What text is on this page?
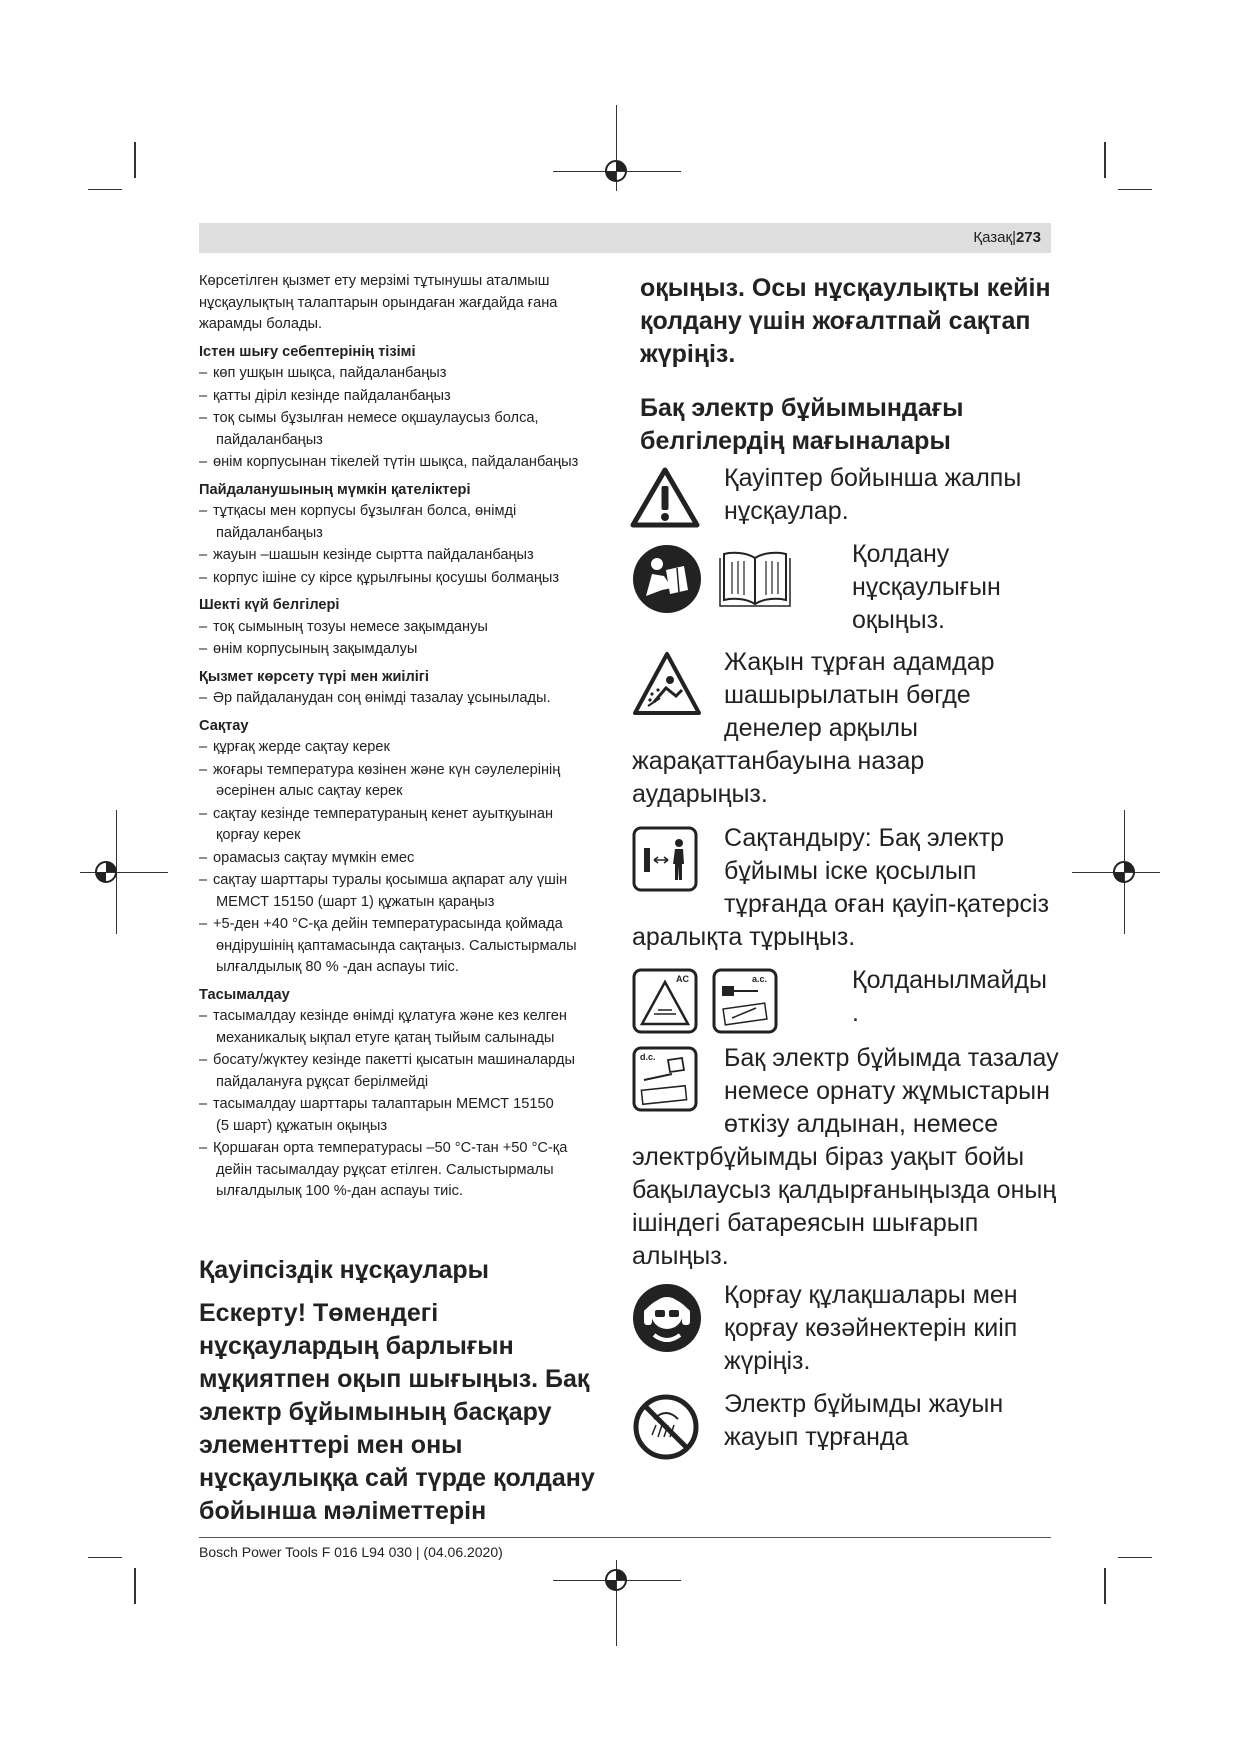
Қазақ|273

Көрсетілген қызмет ету мерзімі тұтынушы аталмыш нұсқаулықтың талаптарын орындаған жағдайда ғана жарамды болады.

Істен шығу себептерінің тізімі
– көп ушқын шықса, пайдаланбаңыз
– қатты діріл кезінде пайдаланбаңыз
– тоқ сымы бұзылған немесе оқшаулаусыз болса,
пайдаланбаңыз
– өнім корпусынан тікелей түтін шықса, пайдаланбаңыз
Пайдаланушының мүмкін қателіктері
– тұтқасы мен корпусы бұзылған болса, өнімді
пайдаланбаңыз
– жауын –шашын кезінде сыртта пайдаланбаңыз
– корпус ішіне су кірсе құрылғыны қосушы болмаңыз
Шекті күй белгілері
– тоқ сымының тозуы немесе зақымдануы
– өнім корпусының зақымдалуы
Қызмет көрсету түрі мен жиілігі
– Әр пайдаланудан соң өнімді тазалау ұсынылады.
Сақтау
– құрғақ жерде сақтау керек
– жоғары температура көзінен және күн сәулелерінің
әсерінен алыс сақтау керек
– сақтау кезінде температураның кенет ауытқуынан
қорғау керек
– орамасыз сақтау мүмкін емес
– сақтау шарттары туралы қосымша ақпарат алу үшін
МЕМСТ 15150 (шарт 1) құжатын қараңыз
– +5-ден +40 °C-қа дейін температурасында қоймада
өндірушінің қаптамасында сақтаңыз. Салыстырмалы
ылғалдылық 80 % -дан аспауы тиіс.
Тасымалдау
– тасымалдау кезінде өнімді құлатуға және кез келген
механикалық ықпал етуге қатаң тыйым салынады
– босату/жүктеу кезінде пакетті қысатын машиналарды
пайдалануға рұқсат берілмейді
– тасымалдау шарттары талаптарын МЕМСТ 15150
(5 шарт) құжатын оқыңыз
– Қоршаған орта температурасы –50 °C-тан +50 °C-қа
дейін тасымалдау рұқсат етілген. Салыстырмалы
ылғалдылық 100 %-дан аспауы тиіс.
Қауіпсіздік нұсқаулары
Ескерту! Төмендегі нұсқаулардың барлығын мұқиятпен оқып шығыңыз. Бақ электр бұйымының басқару элементтері мен оны нұсқаулыққа сай түрде қолдану бойынша мәліметтерін
оқыңыз. Осы нұсқаулықты кейін қолдану үшін жоғалтпай сақтап жүріңіз.
Бақ электр бұйымындағы белгілердің мағыналары
Қауіптер бойынша жалпы нұсқаулар.
Қолдану
нұсқаулығын
оқыңыз.
Жақын тұрған адамдар
шашырылатын бөгде
денелер арқылы
жарақаттанбауына назар
аударыңыз.
Сақтандыру: Бақ электр
бұйымы іске қосылып
тұрғанда оған қауіп-қатерсіз
аралықта тұрыңыз.
AC	a.c.	Қолданылмайды
.
d.c.	Бақ электр бұйымда тазалау
немесе орнату жұмыстарын
өткізу алдынан, немесе
электрбұйымды біраз уақыт бойы
бақылаусыз қалдырғаныңызда оның
ішіндегі батареясын шығарып
алыңыз.
Қорғау құлақшалары мен
қорғау көзәйнектерін киіп
жүріңіз.
Электр бұйымды жауын
жауып тұрғанда
Bosch Power Tools F 016 L94 030 | (04.06.2020)
